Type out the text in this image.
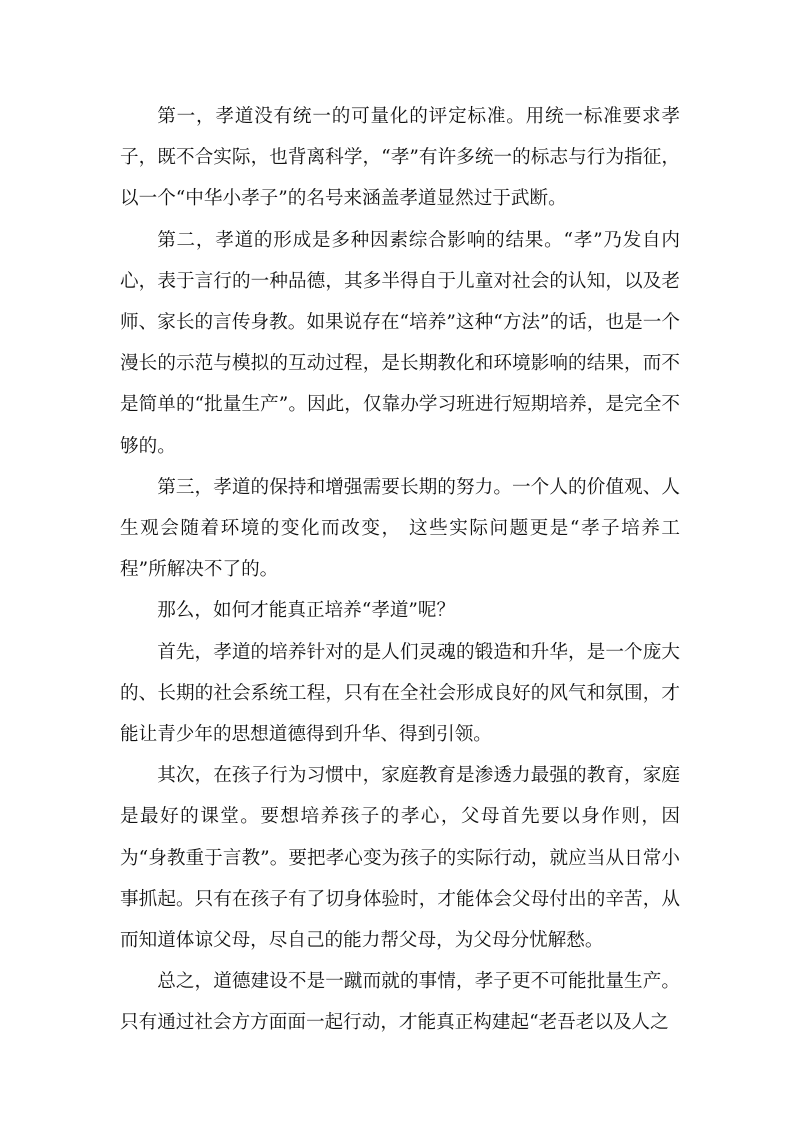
第一，孝道没有统一的可量化的评定标准。用统一标准要求孝子，既不合实际，也背离科学，“孝”有许多统一的标志与行为指征，以一个“中华小孝子”的名号来涵盖孝道显然过于武断。

第二，孝道的形成是多种因素综合影响的结果。“孝”乃发自内心，表于言行的一种品德，其多半得自于儿童对社会的认知，以及老师、家长的言传身教。如果说存在“培养”这种“方法”的话，也是一个漫长的示范与模拟的互动过程，是长期教化和环境影响的结果，而不是简单的“批量生产”。因此，仅靠办学习班进行短期培养，是完全不够的。

第三，孝道的保持和增强需要长期的努力。一个人的价值观、人生观会随着环境的变化而改变， 这些实际问题更是“孝子培养工程”所解决不了的。

那么，如何才能真正培养“孝道”呢？

首先，孝道的培养针对的是人们灵魂的锻造和升华，是一个庞大的、长期的社会系统工程，只有在全社会形成良好的风气和氛围，才能让青少年的思想道德得到升华、得到引领。

其次，在孩子行为习惯中，家庭教育是渗透力最强的教育，家庭是最好的课堂。要想培养孩子的孝心，父母首先要以身作则，因为“身教重于言教”。要把孝心变为孩子的实际行动，就应当从日常小事抓起。只有在孩子有了切身体验时，才能体会父母付出的辛苦，从而知道体谅父母，尽自己的能力帮父母，为父母分忧解愁。

总之，道德建设不是一蹴而就的事情，孝子更不可能批量生产。只有通过社会方方面面一起行动，才能真正构建起“老吾老以及人之
